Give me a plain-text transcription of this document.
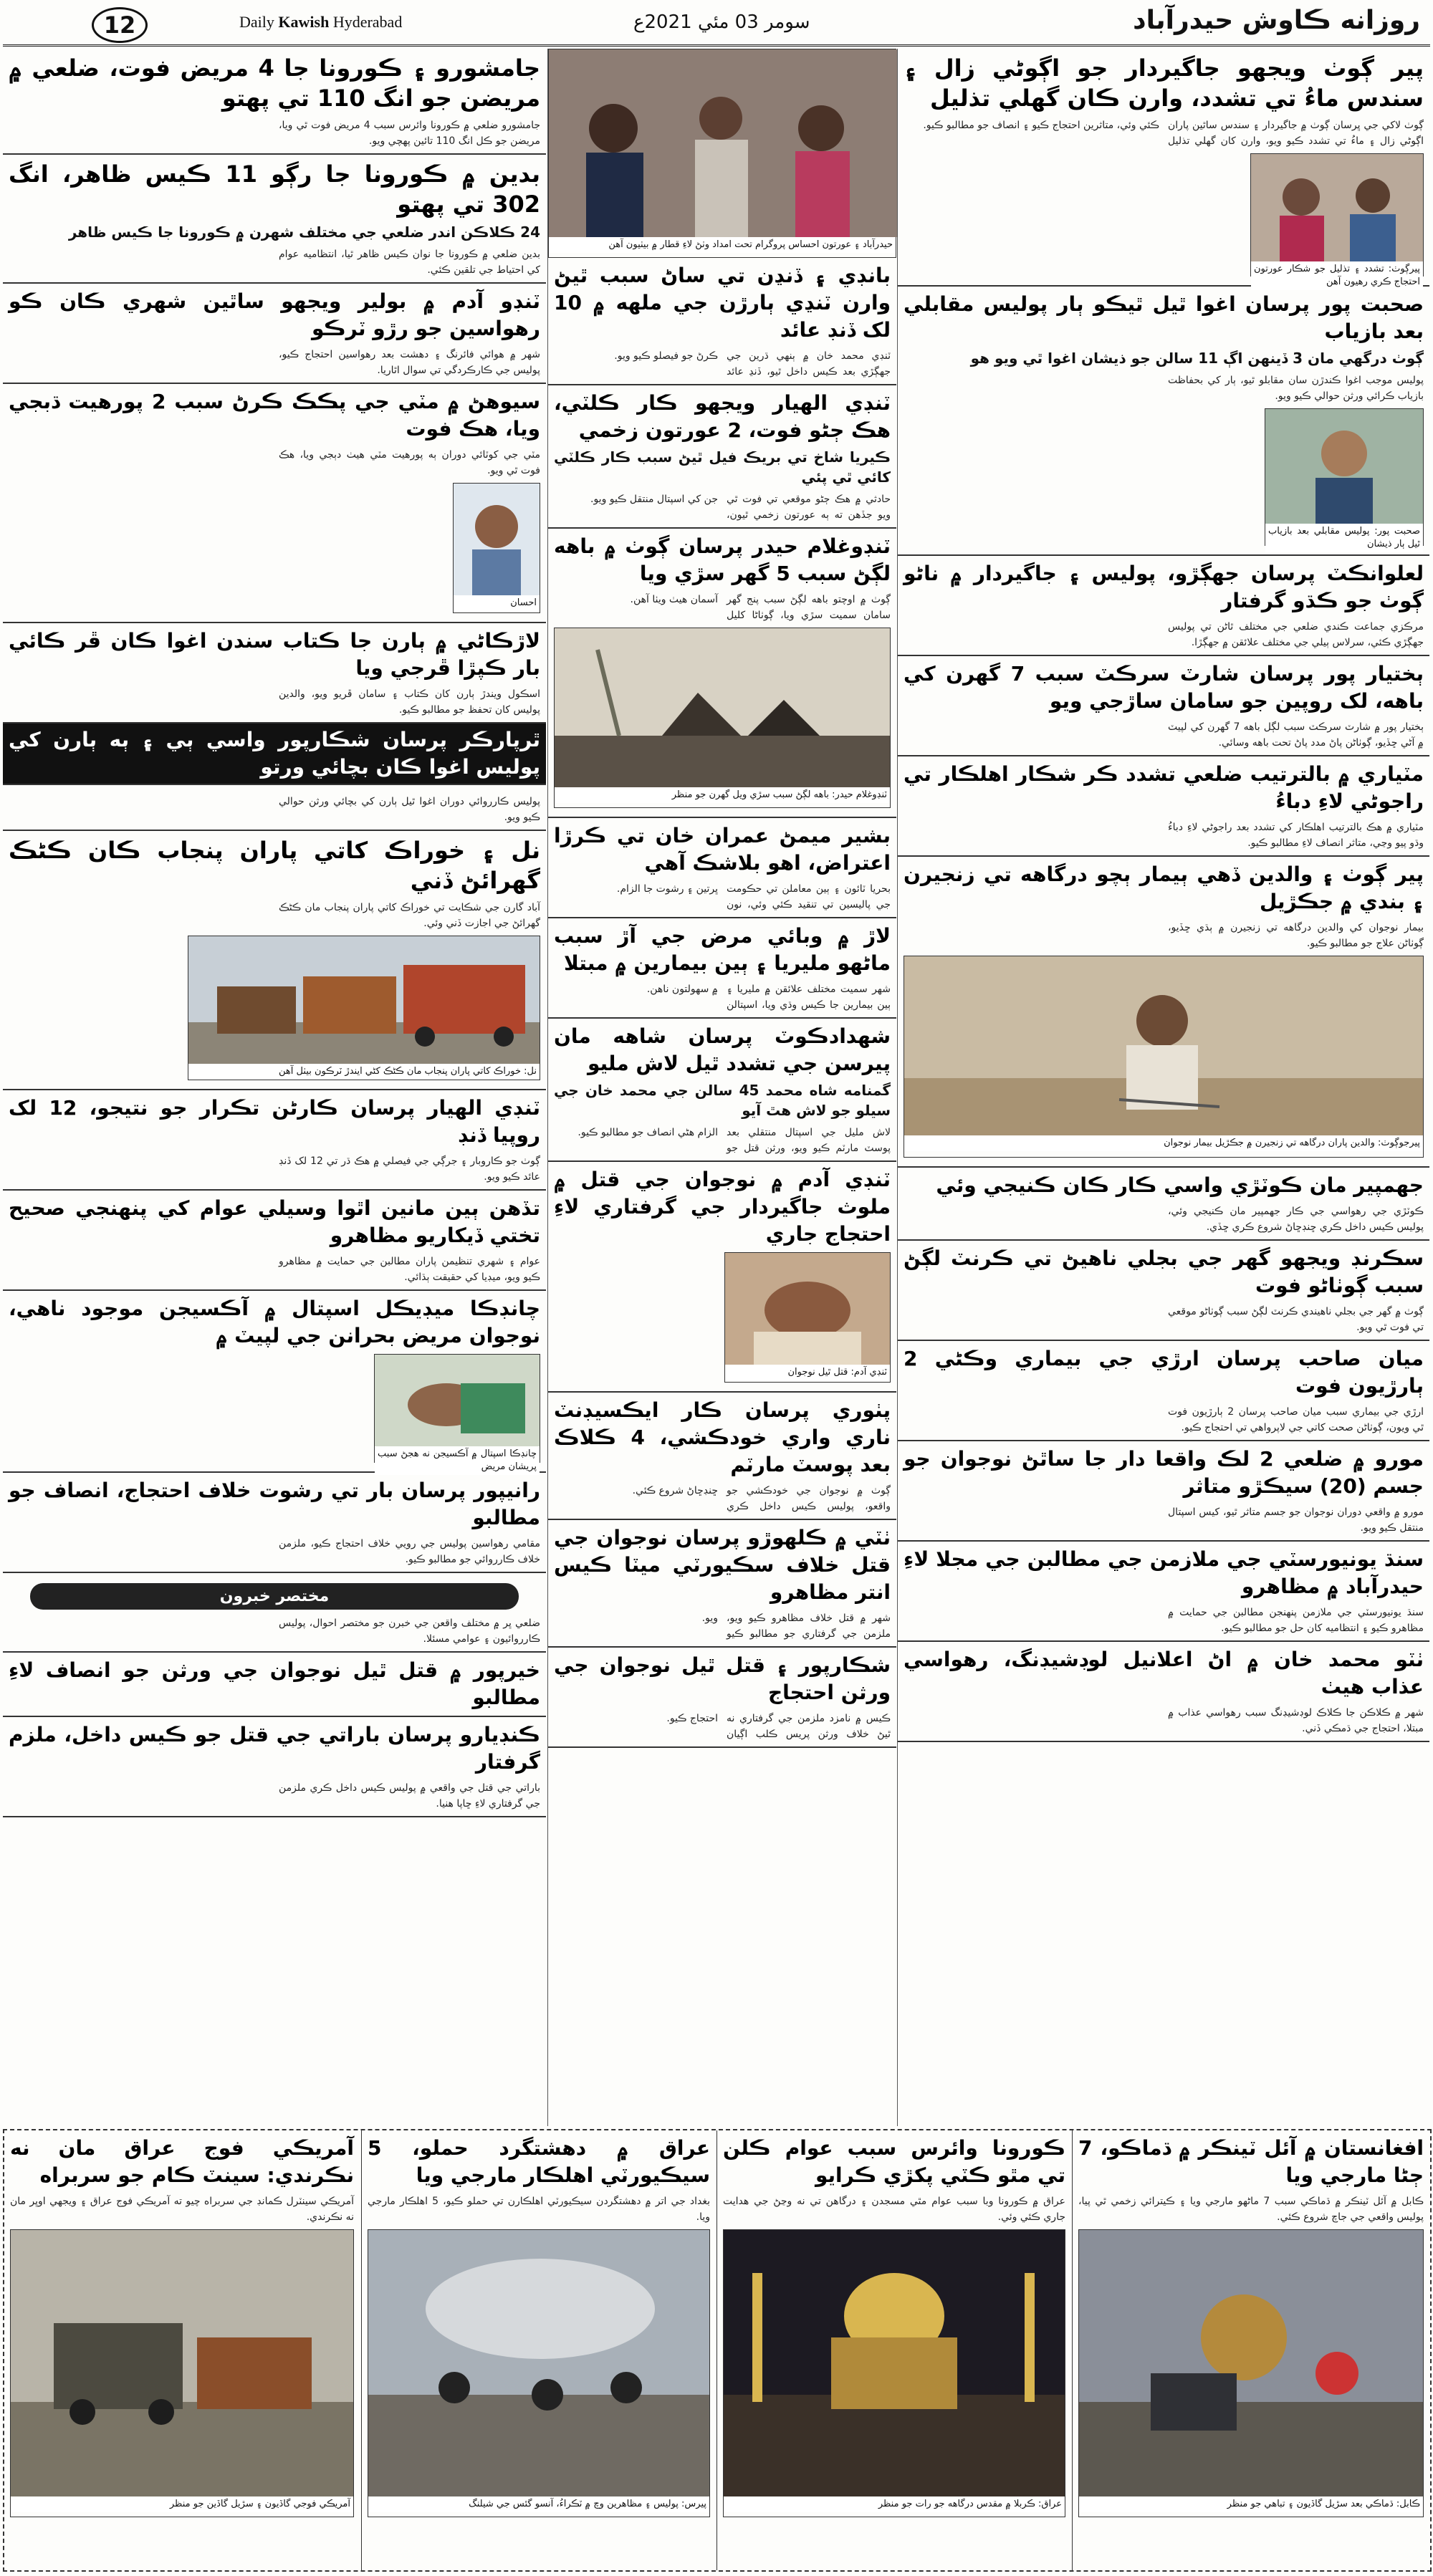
12	Daily Kawish Hyderabad	سومر 03 مئي 2021ع	روزانه ڪاوش حيدرآباد
پير ڳوٺ ويجهو جاگيردار جو اڳوڻي زال ۽ سندس ماءُ تي تشدد، وارن ڪان گهلي تذليل
ڳوٺ لاکي جي ڀرسان ڳوٺ ۾ جاگيردار ۽ سندس ساٿين پاران اڳوڻي زال ۽ ماءُ تي تشدد ڪيو ويو، وارن کان گهلي تذليل ڪئي وئي، متاثرين احتجاج ڪيو ۽ انصاف جو مطالبو ڪيو.
پيرڳوٺ: تشدد ۽ تذليل جو شڪار عورتون احتجاج ڪري رهيون آهن
صحبت پور پرسان اغوا ٿيل ٿيڪو ٻار پوليس مقابلي بعد بازياب
ڳوٺ درگهي مان 3 ڏينهن اڳ 11 سالن جو ذيشان اغوا ٿي ويو هو
پوليس موجب اغوا ڪندڙن سان مقابلو ٿيو، ٻار کي بحفاظت بازياب ڪرائي ورثن حوالي ڪيو ويو.
صحبت پور: پوليس مقابلي بعد بازياب ٿيل ٻار ذيشان
لعلوانڪٽ پرسان جهڳڙو، پوليس ۽ جاگيردار ۾ ناڻو ڳوٺ جو ڪڌو گرفتار
مرڪزي جماعت ڪندي ضلعي جي مختلف ٿاڻن تي پوليس جهڳڙي ڪئي، سرلاس ٻيلي جي مختلف علائقن ۾ جهڳڙا.
ٻختيار پور پرسان شارٽ سرڪٽ سبب 7 گهرن کي باهه، لک روپين جو سامان ساڙجي ويو
ٻختيار پور ۾ شارٽ سرڪٽ سبب لڳل باهه 7 گهرن کي لپيٽ ۾ آڻي ڇڏيو، ڳوٺاڻن پاڻ مدد پاڻ تحت باهه وسائي.
مٽياري ۾ بالترتيب ضلعي تشدد ڪر شڪار اهلڪار تي راجوڻي لاءِ دباءُ
مٽياري ۾ هڪ بالترتيب اهلڪار کي تشدد بعد راجوڻي لاءِ دباءُ وڌو پيو وڃي، متاثر انصاف لاءِ مطالبو ڪيو.
پير ڳوٺ ۽ والدين ڏهي ٻيمار ٻچو درگاهه تي زنجيرن ۽ بندي ۾ جڪڙيل
بيمار نوجوان کي والدين درگاهه تي زنجيرن ۾ ٻڌي ڇڏيو، ڳوٺاڻن علاج جو مطالبو ڪيو.
پيرجوڳوٺ: والدين پاران درگاهه تي زنجيرن ۾ جڪڙيل بيمار نوجوان
جهمپير مان ڪوٽڙي واسي ڪار ڪان ڪنيجي وئي
ڪوٽڙي جي رهواسي جي ڪار جهمپير مان ڪنيجي وئي، پوليس ڪيس داخل ڪري ڇنڊڇاڻ شروع ڪري ڇڏي.
سڪرنڊ ويجهو گهر جي بجلي ناهيڻ تي ڪرنٽ لڳڻ سبب ڳوٺاڻو فوت
ڳوٺ ۾ گهر جي بجلي ناهيندي ڪرنٽ لڳڻ سبب ڳوٺاڻو موقعي تي فوت ٿي ويو.
ميان صاحب پرسان ارڙي جي بيماري وڪڻي 2 ٻارڙيون فوت
ارڙي جي بيماري سبب ميان صاحب پرسان 2 ٻارڙيون فوت ٿي ويون، ڳوٺاڻن صحت کاتي جي لاپرواهي تي احتجاج ڪيو.
مورو ۾ ضلعي 2 لڪ واقعا دار جا ساٿڻ نوجوان جو جسم (20) سيڪڙو متاثر
مورو ۾ واقعي دوران نوجوان جو جسم متاثر ٿيو، کيس اسپتال منتقل ڪيو ويو.
سنڌ يونيورسٽي جي ملازمن جي مطالبن جي مجلا لاءِ حيدرآباد ۾ مظاهرو
سنڌ يونيورسٽي جي ملازمن پنهنجن مطالبن جي حمايت ۾ مظاهرو ڪيو ۽ انتظاميه کان حل جو مطالبو ڪيو.
ٺٽو محمد خان ۾ اڻ اعلانيل لوڊشيڊنگ، رهواسي عذاب هيٺ
شهر ۾ ڪلاڪن جا ڪلاڪ لوڊشيڊنگ سبب رهواسي عذاب ۾ مبتلا، احتجاج جي ڌمڪي ڏني.
حيدرآباد ۽ عورتون احساس پروگرام تحت امداد وٺڻ لاءِ قطار ۾ بيٺيون آهن
بانڊي ۽ ڏنڍن تي ساڻ سبب ٿيڻ وارن ٽنڍي ٻارڙن جي ملهه ۾ 10 لک ڏنڊ عائد
ٽنڊي محمد خان ۾ ٻنهي ڌرين جي جهڳڙي بعد ڪيس داخل ٿيو، ڏنڍ عائد ڪرڻ جو فيصلو ڪيو ويو.
ٽنڊي الهيار ويجهو ڪار ڪلٽي، هڪ ڄڻو فوت، 2 عورتون زخمي
ڪيريا شاخ تي بريڪ فيل ٿيڻ سبب ڪار ڪلٽي کائي ٿي پئي
حادثي ۾ هڪ ڄڻو موقعي تي فوت ٿي ويو جڏهن ته ٻه عورتون زخمي ٿيون، جن کي اسپتال منتقل ڪيو ويو.
ٽنڊوغلام حيدر پرسان ڳوٺ ۾ باهه لڳڻ سبب 5 گهر سڙي ويا
ڳوٺ ۾ اوچتو باهه لڳڻ سبب پنج گهر سامان سميت سڙي ويا، ڳوٺاڻا کليل آسمان هيٺ ويٺا آهن.
ٽنڊوغلام حيدر: باهه لڳڻ سبب سڙي ويل گهرن جو منظر
بشير ميمڻ عمران خان تي ڪرڙا اعتراض، اهو بلاشڪ آهي
بحريا ٽائون ۽ ٻين معاملن تي حڪومت جي پاليسين تي تنقيد ڪئي وئي، نون ڀرتين ۽ رشوت جا الزام.
لاڙ ۾ وبائي مرض جي آڙ سبب ماڻهو مليريا ۽ ٻين بيمارين ۾ مبتلا
شهر سميت مختلف علائقن ۾ مليريا ۽ ٻين بيمارين جا ڪيس وڌي ويا، اسپتالن ۾ سهولتون ناهن.
شهدادڪوٽ پرسان شاهه مان پيرسن جي تشدد ٿيل لاش مليو
گمنامه شاه محمد 45 سالن جي محمد خان جي سيلو جو لاش هٿ آيو
لاش مليل جي اسپتال منتقلي بعد پوسٽ مارٽم ڪيو ويو، ورثن قتل جو الزام هڻي انصاف جو مطالبو ڪيو.
ٽنڊي آدم ۾ نوجوان جي قتل ۾ ملوث جاگيردار جي گرفتاري لاءِ احتجاج جاري
ٽنڊي آدم: قتل ٿيل نوجوان
پٺوري پرسان ڪار ايڪسيڊنٽ ناري واري خودڪشي، 4 ڪلاڪ بعد پوسٽ مارٽم
ڳوٺ ۾ نوجوان جي خودڪشي جو واقعو، پوليس ڪيس داخل ڪري ڇنڊڇاڻ شروع ڪئي.
ٺٽي ۾ ڪلهوڙو پرسان نوجوان جي قتل خلاف سڪيورٽي ميٽا ڪيس انتر مظاهرو
شهر ۾ قتل خلاف مظاهرو ڪيو ويو، ملزمن جي گرفتاري جو مطالبو ڪيو ويو.
شڪارپور ۽ قتل ٿيل نوجوان جي ورثن احتجاج
ڪيس ۾ نامزد ملزمن جي گرفتاري نه ٿيڻ خلاف ورثن پريس ڪلب اڳيان احتجاج ڪيو.
جامشورو ۽ ڪورونا جا 4 مريض فوت، ضلعي ۾ مريضن جو انگ 110 تي پهتو
جامشورو ضلعي ۾ ڪورونا وائرس سبب 4 مريض فوت ٿي ويا، مريضن جو ڪل انگ 110 تائين پهچي ويو.
بدين ۾ ڪورونا جا رڳو 11 ڪيس ظاهر، انگ 302 تي پهتو
24 ڪلاڪن اندر ضلعي جي مختلف شهرن ۾ ڪورونا جا ڪيس ظاهر
بدين ضلعي ۾ ڪورونا جا نوان ڪيس ظاهر ٿيا، انتظاميه عوام کي احتياط جي تلقين ڪئي.
ٽنڊو آدم ۾ بولير ويجهو ساٿين شهري ڪان ڪو رهواسين جو رڙو ٽرڪو
شهر ۾ هوائي فائرنگ ۽ دهشت بعد رهواسين احتجاج ڪيو، پوليس جي ڪارڪردگي تي سوال اٿاريا.
سيوهڻ ۾ مٽي جي پڪڪ ڪرڻ سبب 2 پورهيت ڌبجي ويا، هڪ فوت
مٽي جي کوٽائي دوران ٻه پورهيت مٽي هيٺ دٻجي ويا، هڪ فوت ٿي ويو.
احسان
لاڙڪاڻي ۾ ٻارن جا ڪتاب سندن اغوا ڪان ڦر ڪائي بار ڪپڙا ڦرجي ويا
اسڪول ويندڙ ٻارن کان ڪتاب ۽ سامان ڦريو ويو، والدين پوليس کان تحفظ جو مطالبو ڪيو.
ٿرپارڪر پرسان شڪارپور واسي ٻي ۽ ٻه ٻارن کي پوليس اغوا ڪان بچائي ورتو
پوليس ڪارروائي دوران اغوا ٿيل ٻارن کي بچائي ورثن حوالي ڪيو ويو.
نل ۽ خوراڪ کاتي پاران پنجاب ڪان ڪڻڪ گهرائڻ ڏني
آباد گارن جي شڪايت تي خوراڪ کاتي پاران پنجاب مان ڪڻڪ گهرائڻ جي اجازت ڏني وئي.
نل: خوراڪ کاتي پاران پنجاب مان ڪڻڪ کڻي ايندڙ ٽرڪون بيٺل آهن
ٽنڊي الهيار پرسان ڪارڻن تڪرار جو نتيجو، 12 لک روپيا ڏنڊ
ڳوٺ جو ڪاروبار ۽ جرڳي جي فيصلي ۾ هڪ ڌر تي 12 لک ڏنڊ عائد ڪيو ويو.
تڏهن ٻين مانين اٿوا وسيلي عوام کي پنهنجي صحيح تختي ڏيکاريو مظاهرو
عوام ۽ شهري تنظيمن پاران مطالبن جي حمايت ۾ مظاهرو ڪيو ويو، ميڊيا کي حقيقت ٻڌائي.
چانڊڪا ميڊيڪل اسپتال ۾ آڪسيجن موجود ناهي، نوجوان مريض بحرانن جي لپيٽ ۾
چانڊڪا اسپتال ۾ آڪسيجن نه هجڻ سبب پريشان مريض
رانيپور پرسان بار تي رشوت خلاف احتجاج، انصاف جو مطالبو
مقامي رهواسين پوليس جي رويي خلاف احتجاج ڪيو، ملزمن خلاف ڪارروائي جو مطالبو ڪيو.
مختصر خبرون
ضلعي ڀر ۾ مختلف واقعن جي خبرن جو مختصر احوال، پوليس ڪارروائيون ۽ عوامي مسئلا.
خيرپور ۾ قتل ٿيل نوجوان جي ورثن جو انصاف لاءِ مطالبو
ڪنڊيارو پرسان باراتي جي قتل جو ڪيس داخل، ملزم گرفتار
باراتي جي قتل جي واقعي ۾ پوليس ڪيس داخل ڪري ملزمن جي گرفتاري لاءِ ڇاپا هنيا.
افغانستان ۾ آئل ٽينڪر ۾ ڌماڪو، 7 ڄڻا مارجي ويا
ڪابل ۾ آئل ٽينڪر ۾ ڌماڪي سبب 7 ماڻهو مارجي ويا ۽ ڪيترائي زخمي ٿي پيا، پوليس واقعي جي جاچ شروع ڪئي.
ڪابل: ڌماڪي بعد سڙيل گاڏيون ۽ تباهي جو منظر
ڪورونا وائرس سبب عوام ڪلن تي مٿو ڪٽي پکڙي ڪرايو
عراق ۾ ڪورونا وبا سبب عوام مٿي مسجدن ۽ درگاهن تي نه وڃڻ جي هدايت جاري ڪئي وئي.
عراق: ڪربلا ۾ مقدس درگاهه جو رات جو منظر
عراق ۾ دهشتگرد حملو، 5 سيڪيورٽي اهلڪار مارجي ويا
بغداد جي اتر ۾ دهشتگردن سيڪيورٽي اهلڪارن تي حملو ڪيو، 5 اهلڪار مارجي ويا.
پيرس: پوليس ۽ مظاهرين وچ ۾ ٽڪراءُ، آنسو گئس جي شيلنگ
آمريڪي فوج عراق مان نه نڪرندي: سينٽ ڪام جو سربراه
آمريڪي سينٽرل ڪمانڊ جي سربراه چيو ته آمريڪي فوج عراق ۽ ويجهي اوڀر مان نه نڪرندي.
آمريڪي فوجي گاڏيون ۽ سڙيل گاڏين جو منظر
